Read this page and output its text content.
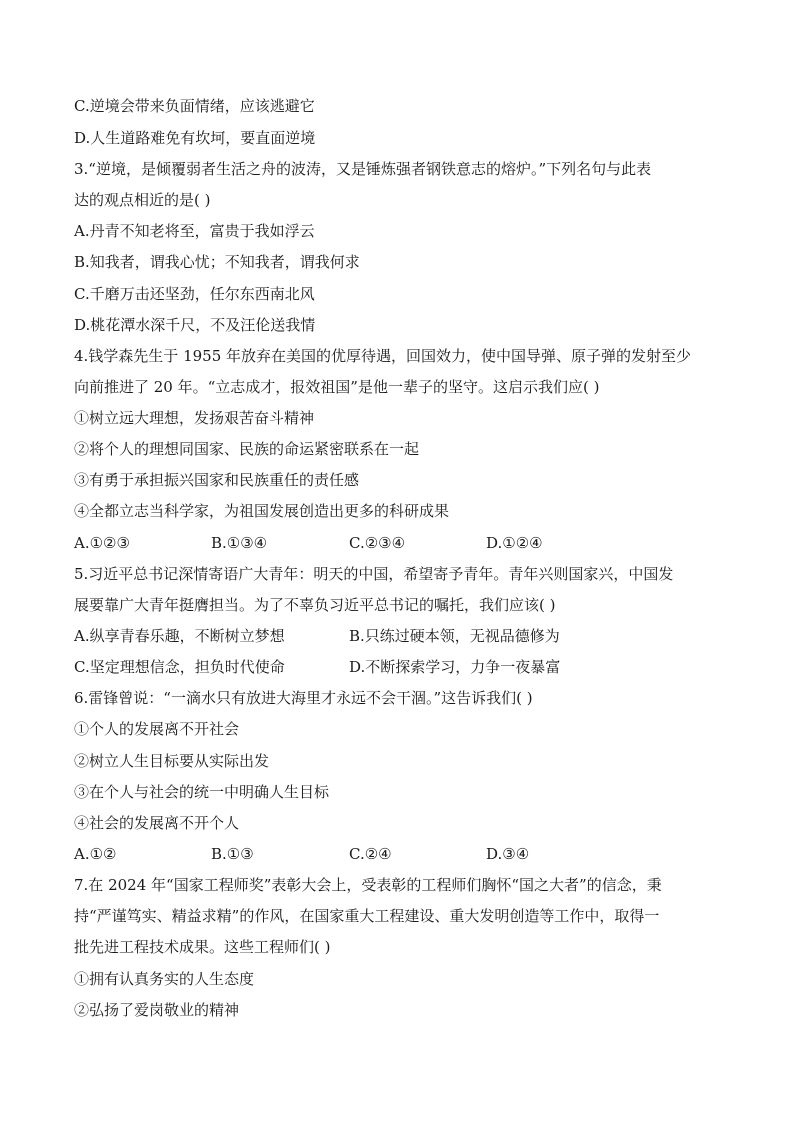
C.逆境会带来负面情绪，应该逃避它
D.人生道路难免有坎坷，要直面逆境
3.“逆境，是倾覆弱者生活之舟的波涛，又是锤炼强者钢铁意志的熔炉。”下列名句与此表
达的观点相近的是( )
A.丹青不知老将至，富贵于我如浮云
B.知我者，谓我心忧；不知我者，谓我何求
C.千磨万击还坚劲，任尔东西南北风
D.桃花潭水深千尺，不及汪伦送我情
4.钱学森先生于 1955 年放弃在美国的优厚待遇，回国效力，使中国导弹、原子弹的发射至少
向前推进了 20 年。“立志成才，报效祖国”是他一辈子的坚守。这启示我们应( )
①树立远大理想，发扬艰苦奋斗精神
②将个人的理想同国家、民族的命运紧密联系在一起
③有勇于承担振兴国家和民族重任的责任感
④全都立志当科学家，为祖国发展创造出更多的科研成果
A.①②③	B.①③④	C.②③④	D.①②④
5.习近平总书记深情寄语广大青年：明天的中国，希望寄予青年。青年兴则国家兴，中国发
展要靠广大青年挺膺担当。为了不辜负习近平总书记的嘱托，我们应该( )
A.纵享青春乐趣，不断树立梦想	B.只练过硬本领，无视品德修为
C.坚定理想信念，担负时代使命	D.不断探索学习，力争一夜暴富
6.雷锋曾说：“一滴水只有放进大海里才永远不会干涸。”这告诉我们( )
①个人的发展离不开社会
②树立人生目标要从实际出发
③在个人与社会的统一中明确人生目标
④社会的发展离不开个人
A.①②	B.①③	C.②④	D.③④
7.在 2024 年“国家工程师奖”表彰大会上，受表彰的工程师们胸怀“国之大者”的信念，秉
持“严谨笃实、精益求精”的作风，在国家重大工程建设、重大发明创造等工作中，取得一
批先进工程技术成果。这些工程师们( )
①拥有认真务实的人生态度
②弘扬了爱岗敬业的精神
